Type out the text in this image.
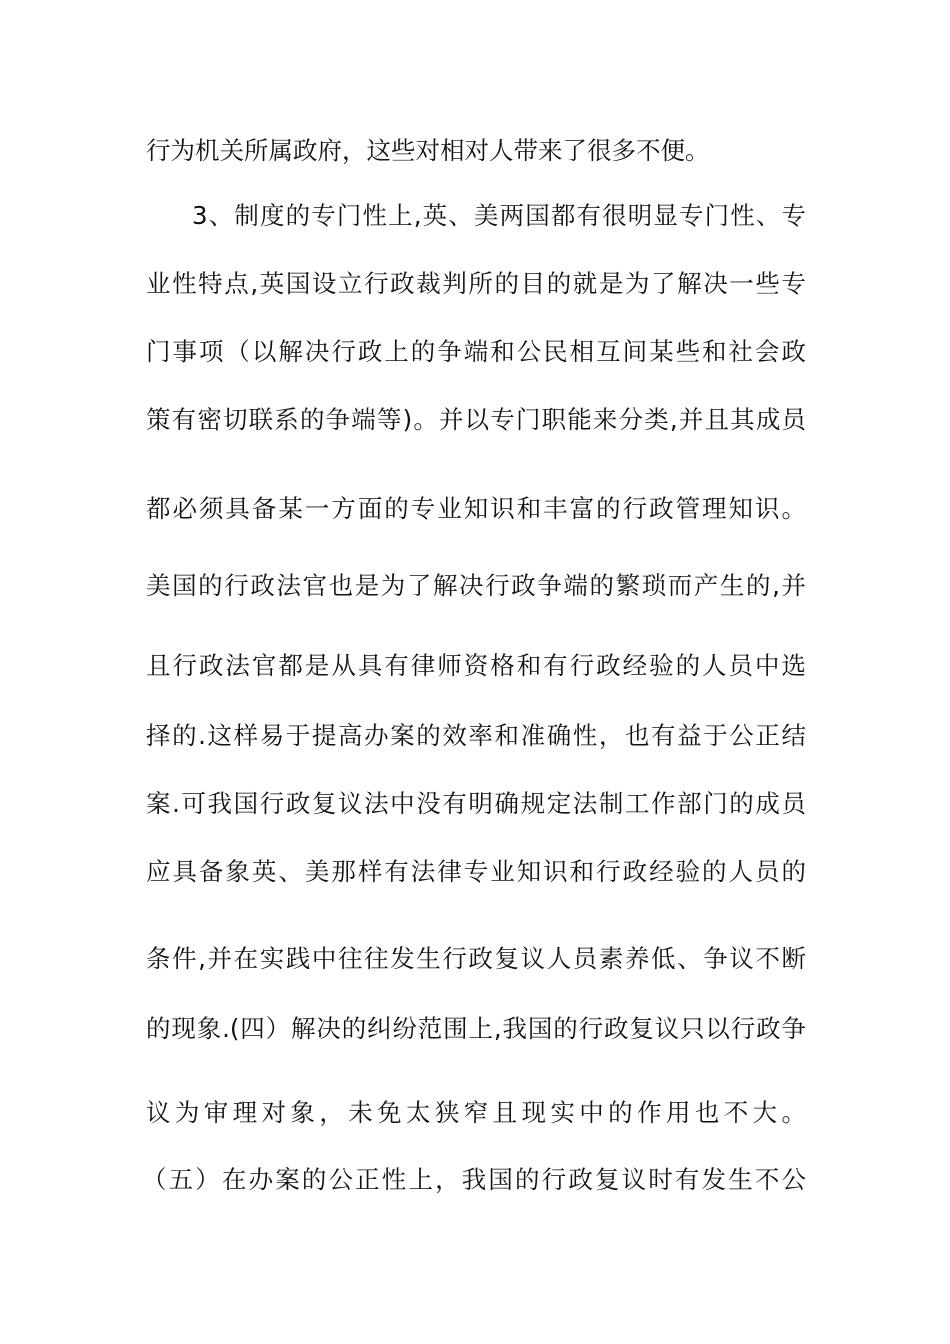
行为机关所属政府，这些对相对人带来了很多不便。
3、制度的专门性上,英、美两国都有很明显专门性、专
业性特点,英国设立行政裁判所的目的就是为了解决一些专
门事项（以解决行政上的争端和公民相互间某些和社会政
策有密切联系的争端等)。并以专门职能来分类,并且其成员
都必须具备某一方面的专业知识和丰富的行政管理知识。
美国的行政法官也是为了解决行政争端的繁琐而产生的,并
且行政法官都是从具有律师资格和有行政经验的人员中选
择的.这样易于提高办案的效率和准确性，也有益于公正结
案.可我国行政复议法中没有明确规定法制工作部门的成员
应具备象英、美那样有法律专业知识和行政经验的人员的
条件,并在实践中往往发生行政复议人员素养低、争议不断
的现象.(四）解决的纠纷范围上,我国的行政复议只以行政争
议为审理对象，未免太狭窄且现实中的作用也不大。
（五）在办案的公正性上，我国的行政复议时有发生不公
